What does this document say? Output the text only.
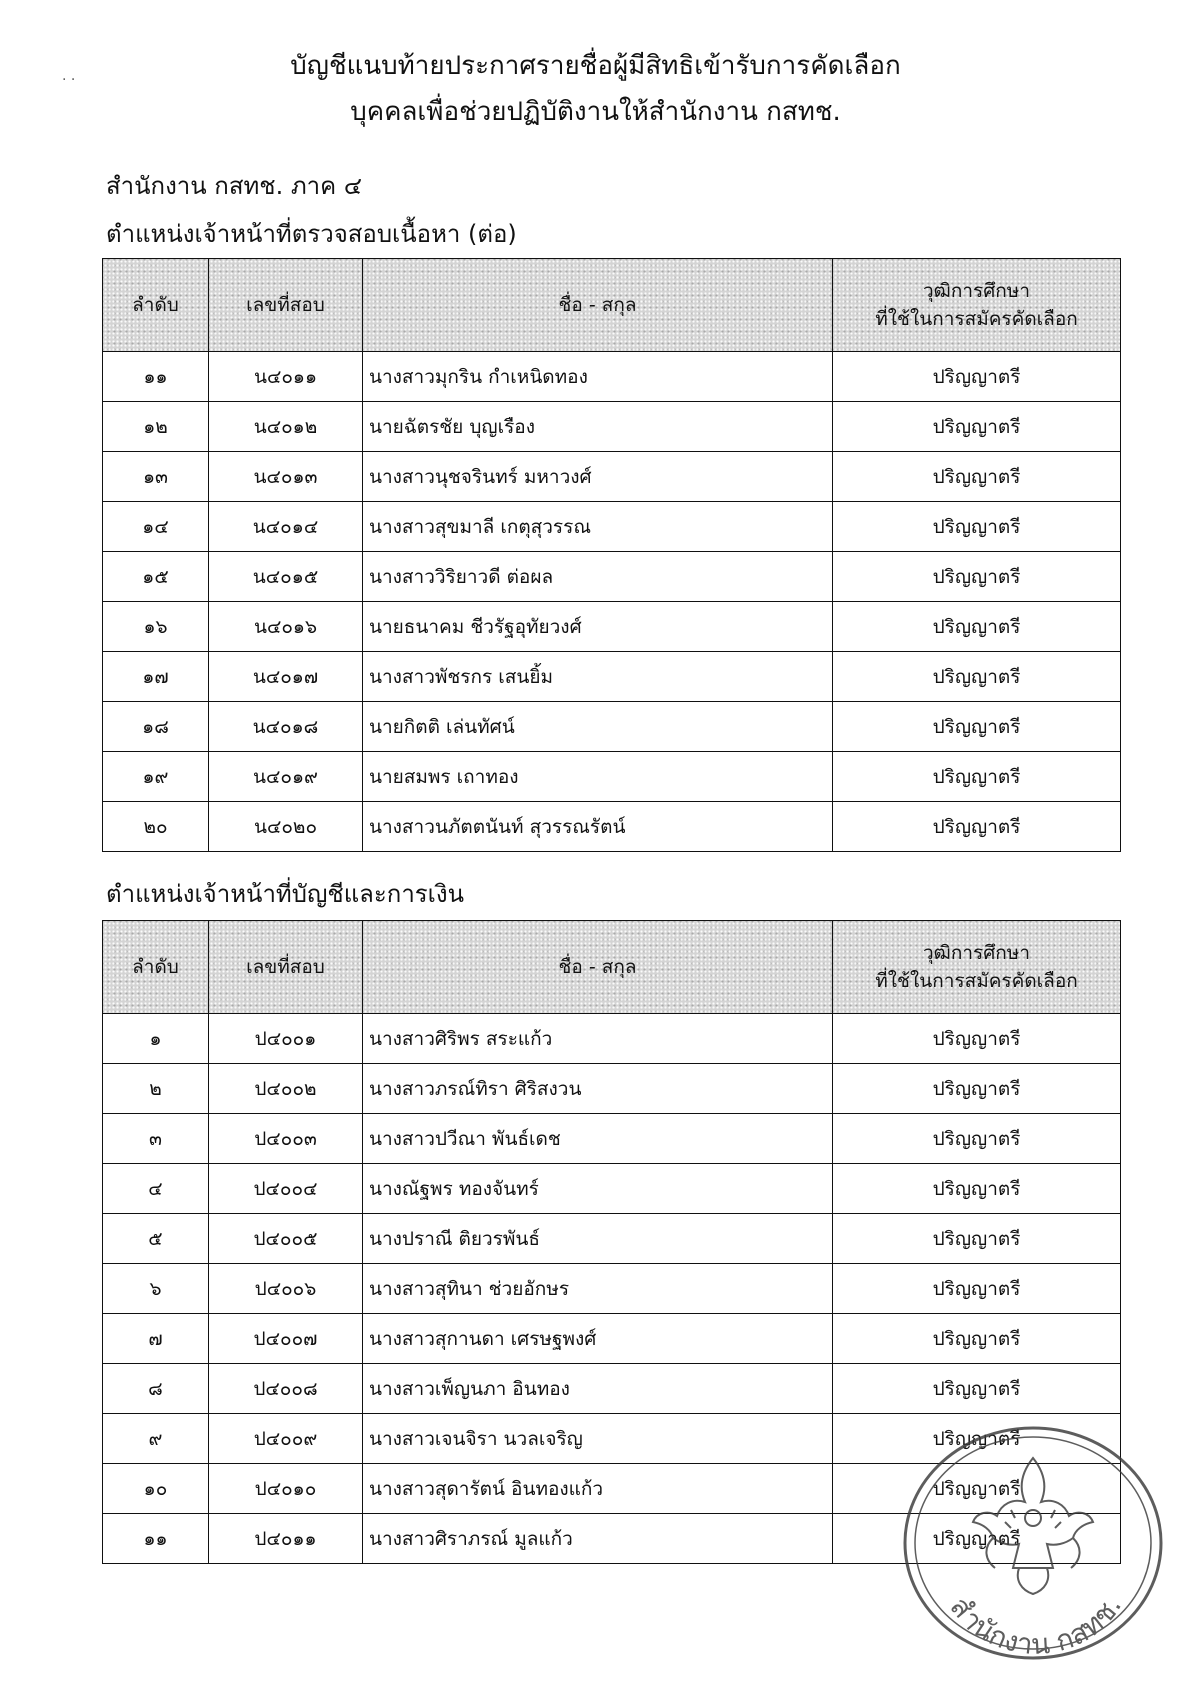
⋅ ·	บัญชีแนบท้ายประกาศรายชื่อผู้มีสิทธิเข้ารับการคัดเลือก
บุคคลเพื่อช่วยปฏิบัติงานให้สำนักงาน กสทช.
สำนักงาน กสทช. ภาค ๔
ตำแหน่งเจ้าหน้าที่ตรวจสอบเนื้อหา (ต่อ)
ลำดับ	เลขที่สอบ	ชื่อ - สกุล	วุฒิการศึกษา
ที่ใช้ในการสมัครคัดเลือก

๑๑	น๔๐๑๑	นางสาวมุกริน กำเหนิดทอง	ปริญญาตรี
๑๒	น๔๐๑๒	นายฉัตรชัย บุญเรือง	ปริญญาตรี
๑๓	น๔๐๑๓	นางสาวนุชจรินทร์ มหาวงศ์	ปริญญาตรี
๑๔	น๔๐๑๔	นางสาวสุขมาลี เกตุสุวรรณ	ปริญญาตรี
๑๕	น๔๐๑๕	นางสาววิริยาวดี ต่อผล	ปริญญาตรี
๑๖	น๔๐๑๖	นายธนาคม ชีวรัฐอุทัยวงศ์	ปริญญาตรี
๑๗	น๔๐๑๗	นางสาวพัชรกร เสนยิ้ม	ปริญญาตรี
๑๘	น๔๐๑๘	นายกิตติ เล่นทัศน์	ปริญญาตรี
๑๙	น๔๐๑๙	นายสมพร เถาทอง	ปริญญาตรี
๒๐	น๔๐๒๐	นางสาวนภัตตนันท์ สุวรรณรัตน์	ปริญญาตรี
ตำแหน่งเจ้าหน้าที่บัญชีและการเงิน
ลำดับ	เลขที่สอบ	ชื่อ - สกุล	วุฒิการศึกษา
ที่ใช้ในการสมัครคัดเลือก

๑	ป๔๐๐๑	นางสาวศิริพร สระแก้ว	ปริญญาตรี
๒	ป๔๐๐๒	นางสาวภรณ์ทิรา ศิริสงวน	ปริญญาตรี
๓	ป๔๐๐๓	นางสาวปวีณา พันธ์เดช	ปริญญาตรี
๔	ป๔๐๐๔	นางณัฐพร ทองจันทร์	ปริญญาตรี
๕	ป๔๐๐๕	นางปราณี ติยวรพันธ์	ปริญญาตรี
๖	ป๔๐๐๖	นางสาวสุทินา ช่วยอักษร	ปริญญาตรี
๗	ป๔๐๐๗	นางสาวสุกานดา เศรษฐพงศ์	ปริญญาตรี
๘	ป๔๐๐๘	นางสาวเพ็ญนภา อินทอง	ปริญญาตรี
๙	ป๔๐๐๙	นางสาวเจนจิรา นวลเจริญ	ปริญญาตรี
๑๐	ป๔๐๑๐	นางสาวสุดารัตน์ อินทองแก้ว	ปริญญาตรี
๑๑	ป๔๐๑๑	นางสาวศิราภรณ์ มูลแก้ว	ปริญญาตรี
สำนักงาน กสทช.
